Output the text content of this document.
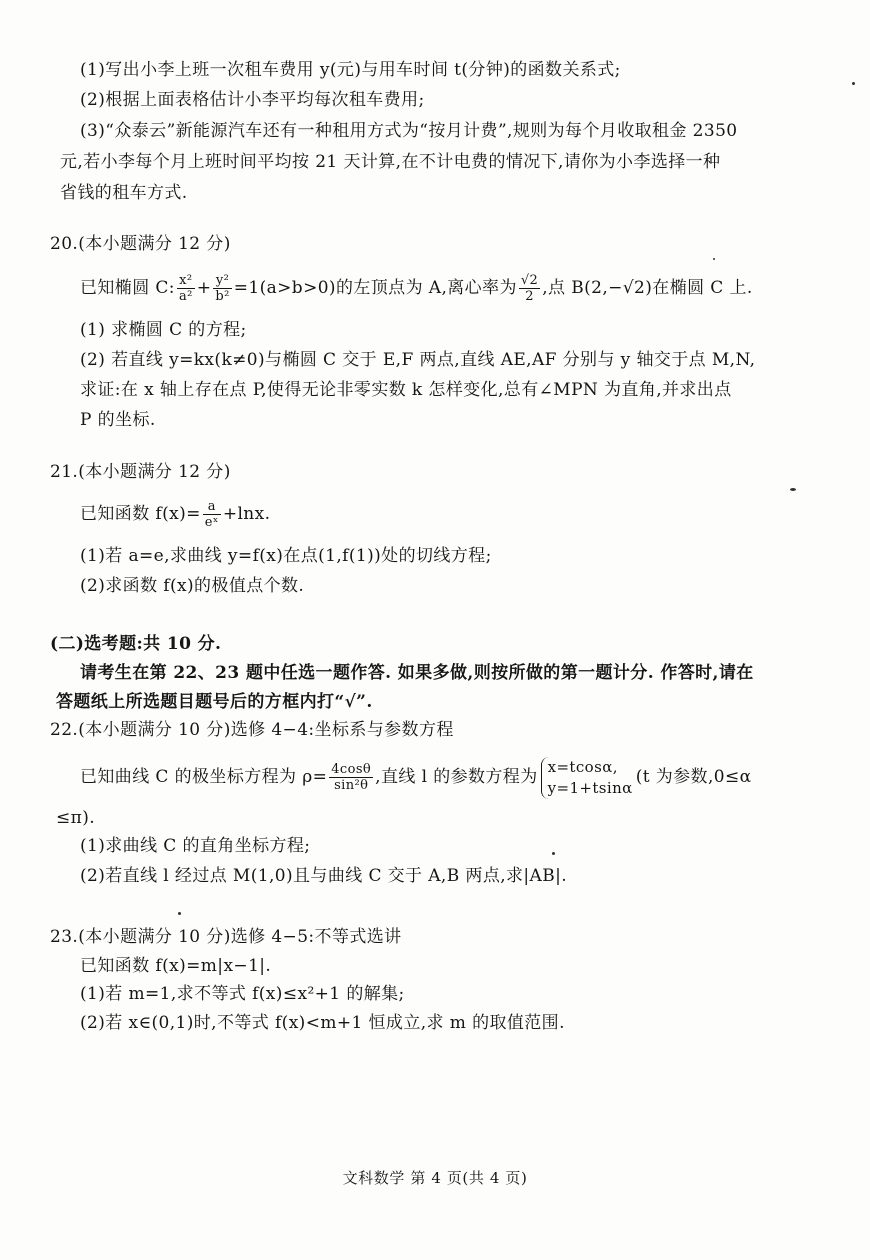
(1)写出小李上班一次租车费用 y(元)与用车时间 t(分钟)的函数关系式;
(2)根据上面表格估计小李平均每次租车费用;
(3)“众泰云”新能源汽车还有一种租用方式为“按月计费”,规则为每个月收取租金 2350
元,若小李每个月上班时间平均按 21 天计算,在不计电费的情况下,请你为小李选择一种
省钱的租车方式.
20.(本小题满分 12 分)
已知椭圆 C: $\frac{\text{x²}}{\text{a²}} + \frac{\text{y²}}{\text{b²}} =1(a>b>0)$的左顶点为 A,离心率为 $\frac{√2}{2}$ ,点 B(2,−√2)在椭圆 C 上.
(1) 求椭圆 C 的方程;
(2) 若直线 y=kx(k≠0)与椭圆 C 交于 E,F 两点,直线 AE,AF 分别与 y 轴交于点 M,N,
求证:在 x 轴上存在点 P,使得无论非零实数 k 怎样变化,总有∠MPN 为直角,并求出点
P 的坐标.
21.(本小题满分 12 分)
已知函数 $f(x)= \frac{a}{\text{eˣ}} +\ln x$.
(1)若 a=e,求曲线 y=f(x)在点(1,f(1))处的切线方程;
(2)求函数 f(x)的极值点个数.
(二)选考题:共 10 分.
请考生在第 22、23 题中任选一题作答. 如果多做,则按所做的第一题计分. 作答时,请在
答题纸上所选题目题号后的方框内打“√”.
22.(本小题满分 10 分)选修 4−4:坐标系与参数方程
已知曲线 C 的极坐标方程为 $\rho= \frac{4\cos\theta}{\text{sin²θ}}$ ,直线 l 的参数方程为
x=tcosα,
y=1+tsinα
(t 为参数,0≤α
≤π).
(1)求曲线 C 的直角坐标方程;
(2)若直线 l 经过点 M(1,0)且与曲线 C 交于 A,B 两点,求|AB|.
23.(本小题满分 10 分)选修 4−5:不等式选讲
已知函数 f(x)=m|x−1|.
(1)若 m=1,求不等式 f(x)≤x²+1 的解集;
(2)若 x∈(0,1)时,不等式 f(x)<m+1 恒成立,求 m 的取值范围.
文科数学 第 4 页(共 4 页)
